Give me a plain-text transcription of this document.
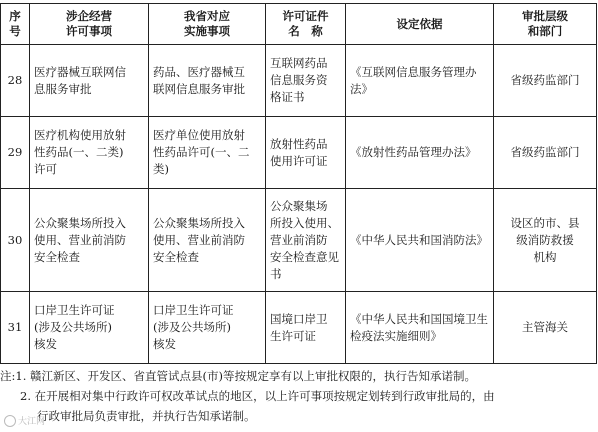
序号	涉企经营
许可事项	我省对应
实施事项	许可证件
名　称	设定依据	审批层级
和部门

28	医疗器械互联网信
息服务审批	药品、医疗器械互
联网信息服务审批	互联网药品
信息服务资
格证书	《互联网信息服务管理办法》	省级药监部门

29	医疗机构使用放射
性药品(一、二类)
许可	医疗单位使用放射
性药品许可(一、二
类)	放射性药品
使用许可证	《放射性药品管理办法》	省级药监部门

30	公众聚集场所投入
使用、营业前消防
安全检查	公众聚集场所投入
使用、营业前消防
安全检查	公众聚集场
所投入使用、
营业前消防
安全检查意见书	《中华人民共和国消防法》	设区的市、县
级消防救援
机构

31	口岸卫生许可证
(涉及公共场所)
核发	口岸卫生许可证
(涉及公共场所)
核发	国境口岸卫
生许可证	《中华人民共和国国境卫生检疫法实施细则》	主管海关
注:1. 赣江新区、开发区、省直管试点县(市)等按规定享有以上审批权限的，执行告知承诺制。
2. 在开展相对集中行政许可权改革试点的地区，以上许可事项按规定划转到行政审批局的，由
行政审批局负责审批，并执行告知承诺制。
大江网
